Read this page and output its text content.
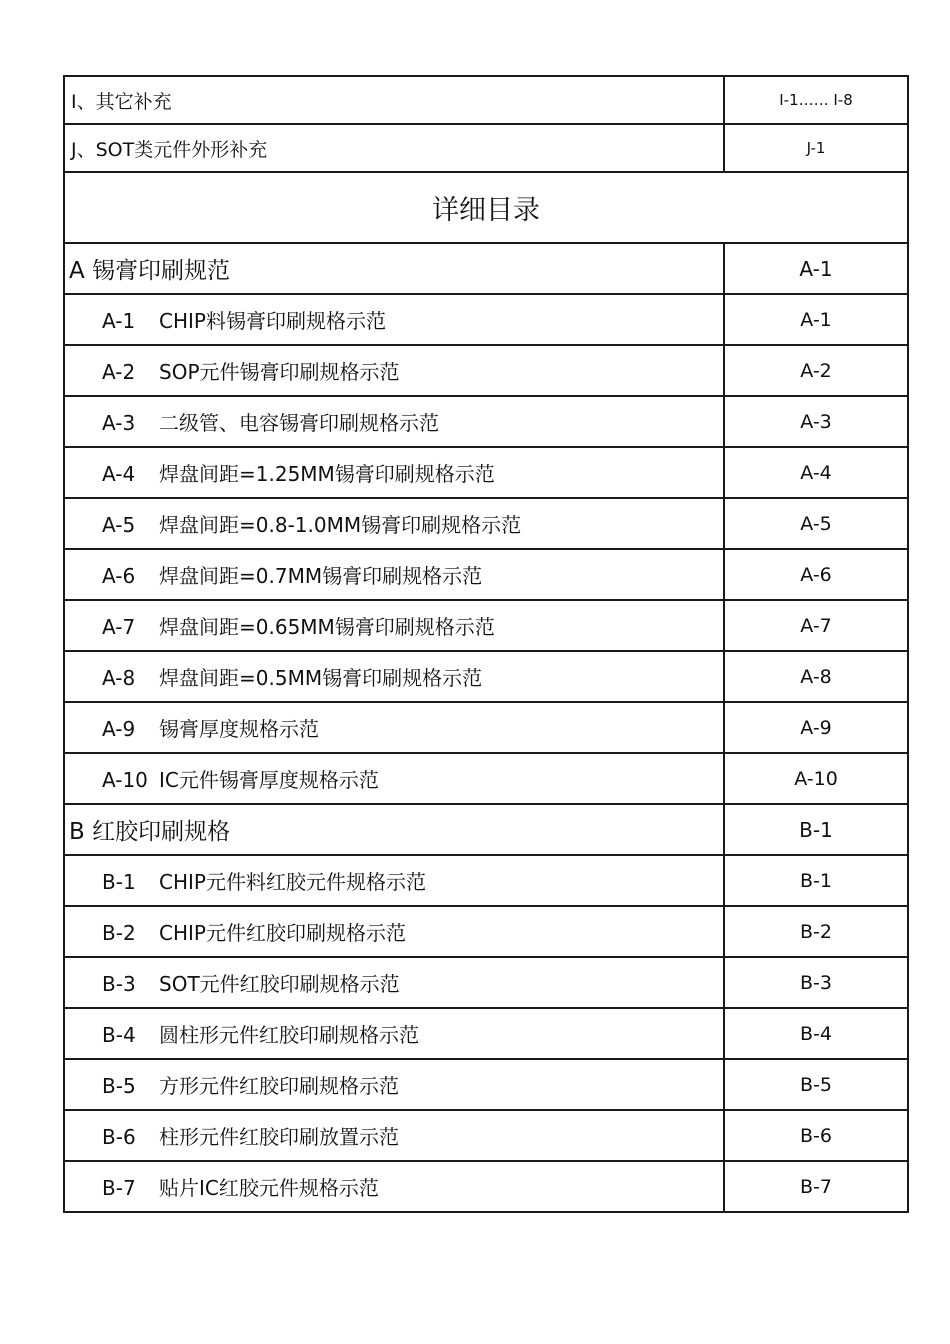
I、其它补充	I-1…… I-8
J、SOT类元件外形补充	J-1
详细目录	
A 锡膏印刷规范	A-1
A-1 CHIP料锡膏印刷规格示范	A-1
A-2 SOP元件锡膏印刷规格示范	A-2
A-3 二级管、电容锡膏印刷规格示范	A-3
A-4 焊盘间距=1.25MM锡膏印刷规格示范	A-4
A-5 焊盘间距=0.8-1.0MM锡膏印刷规格示范	A-5
A-6 焊盘间距=0.7MM锡膏印刷规格示范	A-6
A-7 焊盘间距=0.65MM锡膏印刷规格示范	A-7
A-8 焊盘间距=0.5MM锡膏印刷规格示范	A-8
A-9 锡膏厚度规格示范	A-9
A-10 IC元件锡膏厚度规格示范	A-10
B 红胶印刷规格	B-1
B-1 CHIP元件料红胶元件规格示范	B-1
B-2 CHIP元件红胶印刷规格示范	B-2
B-3 SOT元件红胶印刷规格示范	B-3
B-4 圆柱形元件红胶印刷规格示范	B-4
B-5 方形元件红胶印刷规格示范	B-5
B-6 柱形元件红胶印刷放置示范	B-6
B-7 贴片IC红胶元件规格示范	B-7
